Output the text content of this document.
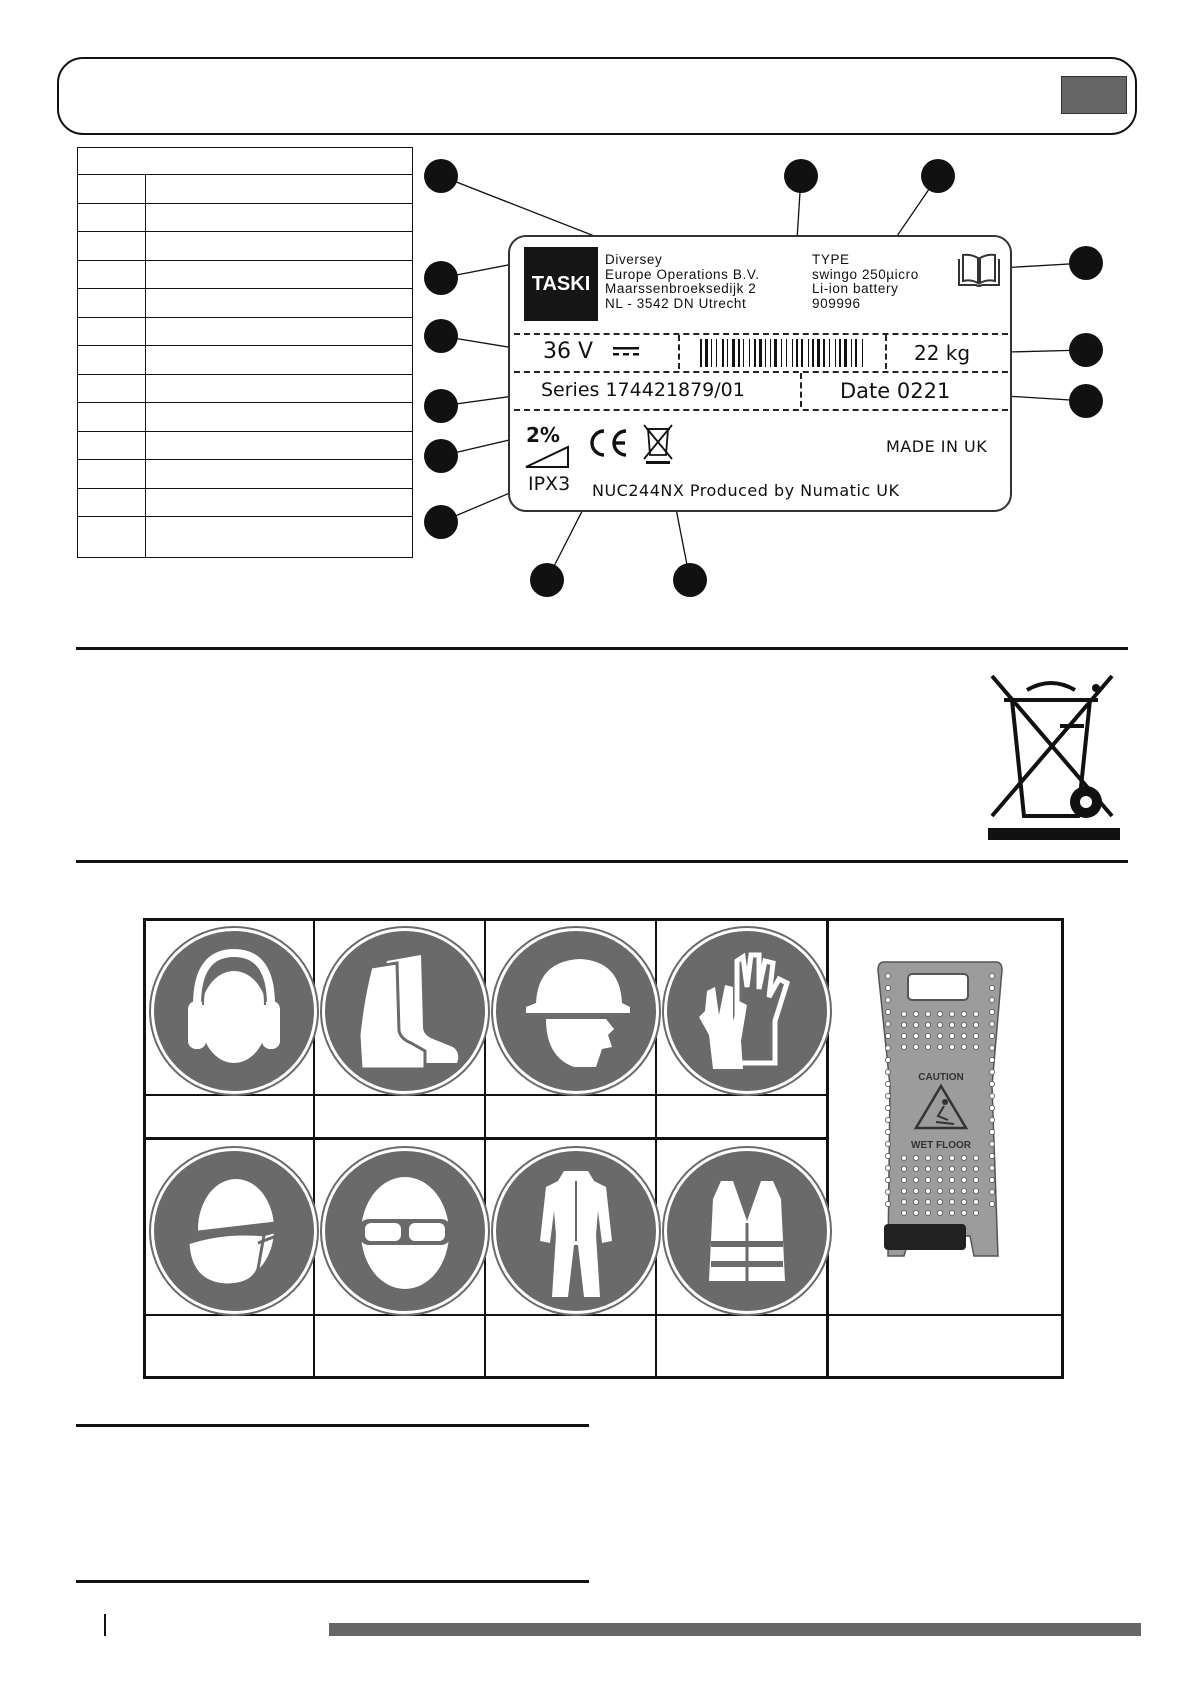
TASKI
Diversey
Europe Operations B.V.
Maarssenbroeksedijk 2
NL - 3542 DN Utrecht
TYPE
swingo 250µicro
Li-ion battery
909996
36 V	22 kg
Series 174421879/01	Date 0221
2%
IPX3
MADE IN UK
NUC244NX Produced by Numatic UK
CAUTION
WET FLOOR
